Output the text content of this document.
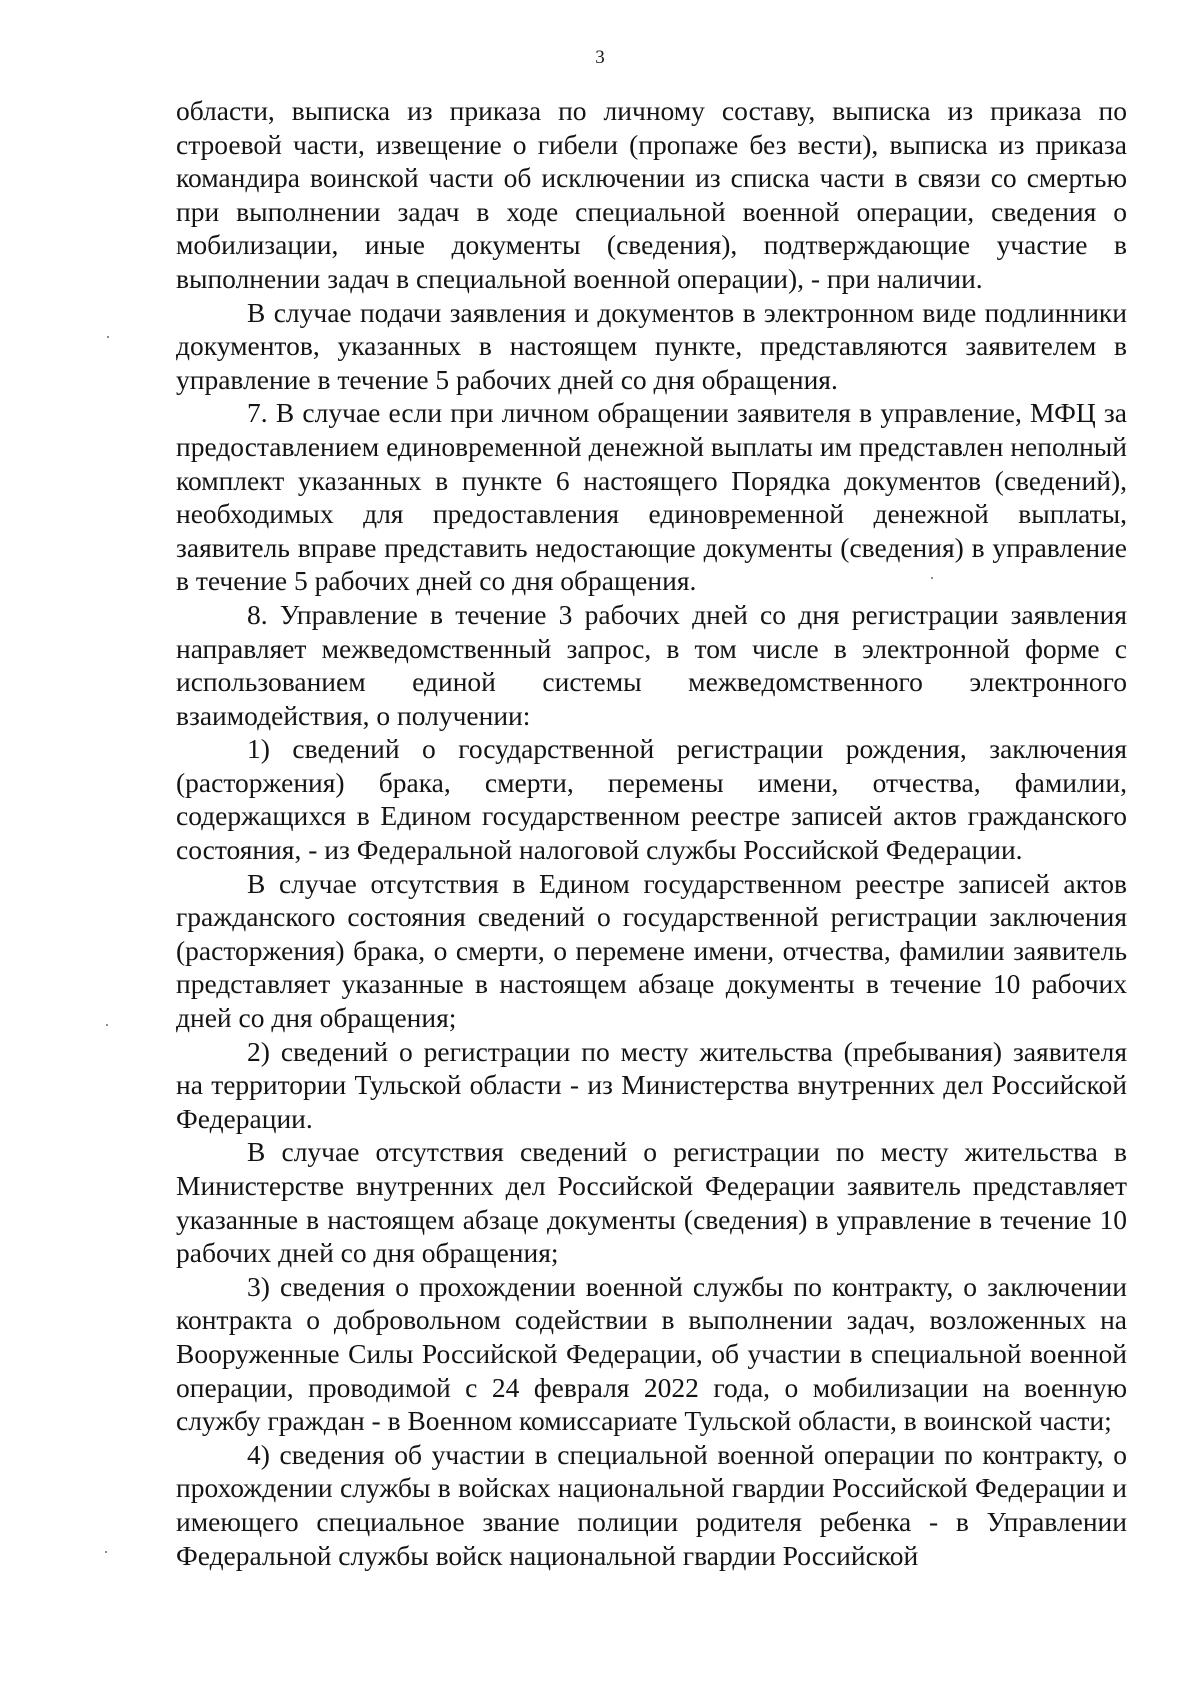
3

области, выписка из приказа по личному составу, выписка из приказа по строевой части, извещение о гибели (пропаже без вести), выписка из приказа командира воинской части об исключении из списка части в связи со смертью при выполнении задач в ходе специальной военной операции, сведения о мобилизации, иные документы (сведения), подтверждающие участие в выполнении задач в специальной военной операции), - при наличии.

В случае подачи заявления и документов в электронном виде подлинники документов, указанных в настоящем пункте, представляются заявителем в управление в течение 5 рабочих дней со дня обращения.

7. В случае если при личном обращении заявителя в управление, МФЦ за предоставлением единовременной денежной выплаты им представлен неполный комплект указанных в пункте 6 настоящего Порядка документов (сведений), необходимых для предоставления единовременной денежной выплаты, заявитель вправе представить недостающие документы (сведения) в управление в течение 5 рабочих дней со дня обращения.

8. Управление в течение 3 рабочих дней со дня регистрации заявления направляет межведомственный запрос, в том числе в электронной форме с использованием единой системы межведомственного электронного взаимодействия, о получении:

1) сведений о государственной регистрации рождения, заключения (расторжения) брака, смерти, перемены имени, отчества, фамилии, содержащихся в Едином государственном реестре записей актов гражданского состояния, - из Федеральной налоговой службы Российской Федерации.

В случае отсутствия в Едином государственном реестре записей актов гражданского состояния сведений о государственной регистрации заключения (расторжения) брака, о смерти, о перемене имени, отчества, фамилии заявитель представляет указанные в настоящем абзаце документы в течение 10 рабочих дней со дня обращения;

2) сведений о регистрации по месту жительства (пребывания) заявителя на территории Тульской области - из Министерства внутренних дел Российской Федерации.

В случае отсутствия сведений о регистрации по месту жительства в Министерстве внутренних дел Российской Федерации заявитель представляет указанные в настоящем абзаце документы (сведения) в управление в течение 10 рабочих дней со дня обращения;

3) сведения о прохождении военной службы по контракту, о заключении контракта о добровольном содействии в выполнении задач, возложенных на Вооруженные Силы Российской Федерации, об участии в специальной военной операции, проводимой с 24 февраля 2022 года, о мобилизации на военную службу граждан - в Военном комиссариате Тульской области, в воинской части;

4) сведения об участии в специальной военной операции по контракту, о прохождении службы в войсках национальной гвардии Российской Федерации и имеющего специальное звание полиции родителя ребенка - в Управлении Федеральной службы войск национальной гвардии Российской
